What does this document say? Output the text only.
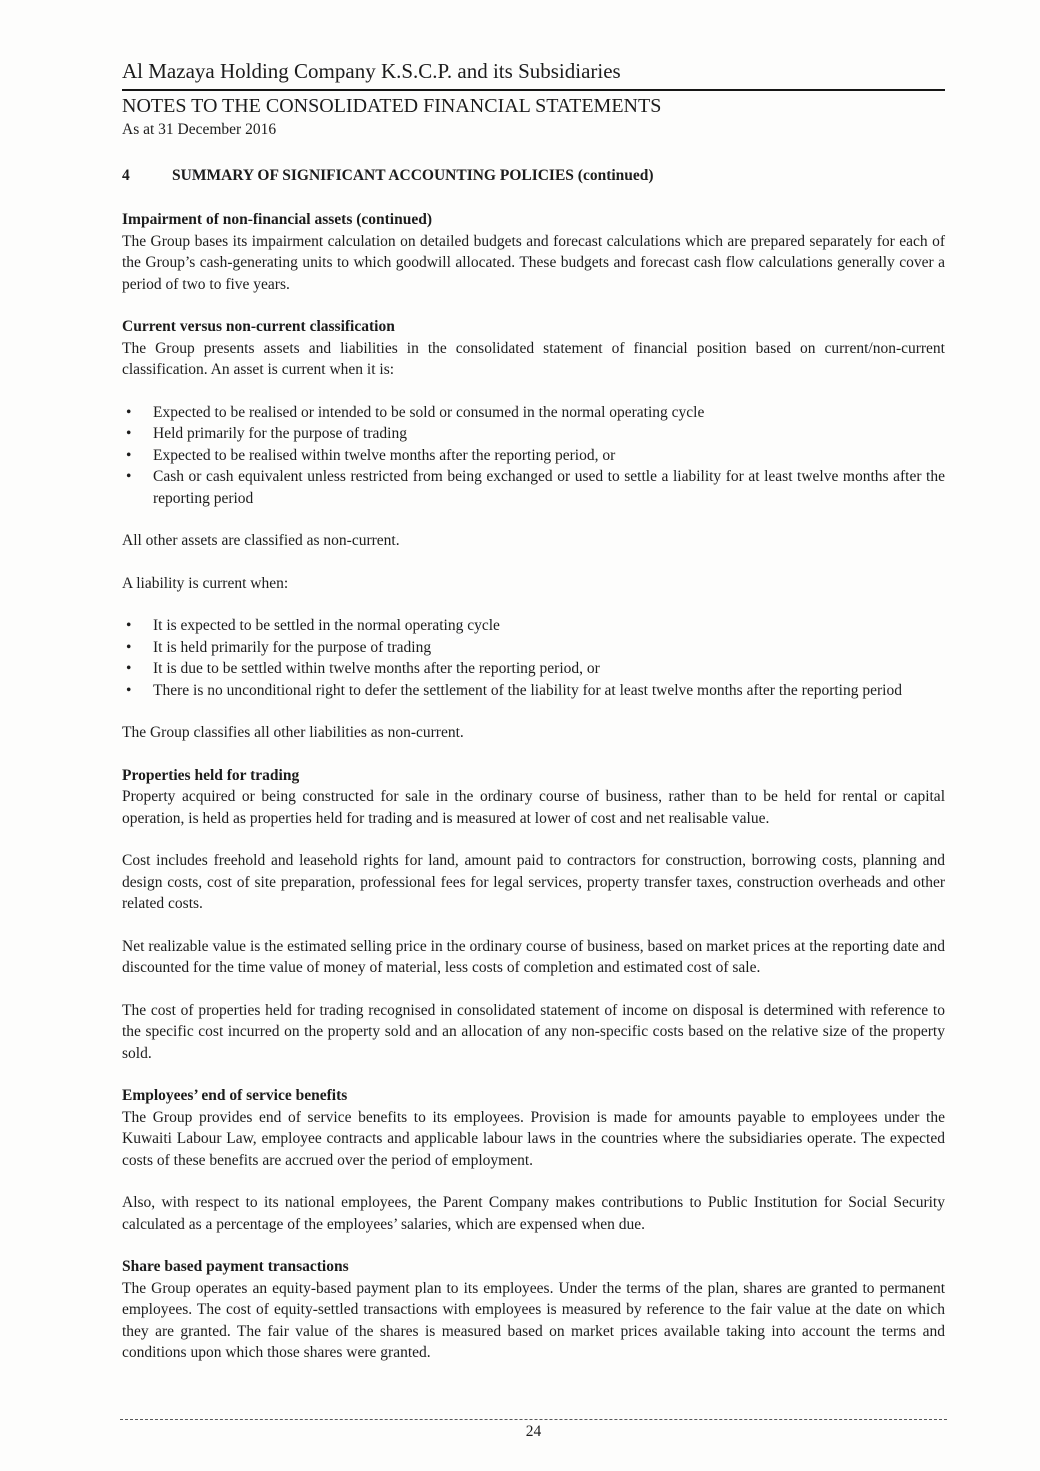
Al Mazaya Holding Company K.S.C.P. and its Subsidiaries
NOTES TO THE CONSOLIDATED FINANCIAL STATEMENTS
As at 31 December 2016
4	SUMMARY OF SIGNIFICANT ACCOUNTING POLICIES (continued)
Impairment of non-financial assets (continued)

The Group bases its impairment calculation on detailed budgets and forecast calculations which are prepared separately for each of the Group’s cash-generating units to which goodwill allocated. These budgets and forecast cash flow calculations generally cover a period of two to five years.

Current versus non-current classification

The Group presents assets and liabilities in the consolidated statement of financial position based on current/non-current classification. An asset is current when it is:

• Expected to be realised or intended to be sold or consumed in the normal operating cycle
• Held primarily for the purpose of trading
• Expected to be realised within twelve months after the reporting period, or
• Cash or cash equivalent unless restricted from being exchanged or used to settle a liability for at least twelve months after the reporting period

All other assets are classified as non-current.

A liability is current when:

• It is expected to be settled in the normal operating cycle
• It is held primarily for the purpose of trading
• It is due to be settled within twelve months after the reporting period, or
• There is no unconditional right to defer the settlement of the liability for at least twelve months after the reporting period

The Group classifies all other liabilities as non-current.

Properties held for trading

Property acquired or being constructed for sale in the ordinary course of business, rather than to be held for rental or capital operation, is held as properties held for trading and is measured at lower of cost and net realisable value.

Cost includes freehold and leasehold rights for land, amount paid to contractors for construction, borrowing costs, planning and design costs, cost of site preparation, professional fees for legal services, property transfer taxes, construction overheads and other related costs.

Net realizable value is the estimated selling price in the ordinary course of business, based on market prices at the reporting date and discounted for the time value of money of material, less costs of completion and estimated cost of sale.

The cost of properties held for trading recognised in consolidated statement of income on disposal is determined with reference to the specific cost incurred on the property sold and an allocation of any non-specific costs based on the relative size of the property sold.

Employees’ end of service benefits

The Group provides end of service benefits to its employees. Provision is made for amounts payable to employees under the Kuwaiti Labour Law, employee contracts and applicable labour laws in the countries where the subsidiaries operate. The expected costs of these benefits are accrued over the period of employment.

Also, with respect to its national employees, the Parent Company makes contributions to Public Institution for Social Security calculated as a percentage of the employees’ salaries, which are expensed when due.

Share based payment transactions

The Group operates an equity-based payment plan to its employees. Under the terms of the plan, shares are granted to permanent employees. The cost of equity-settled transactions with employees is measured by reference to the fair value at the date on which they are granted. The fair value of the shares is measured based on market prices available taking into account the terms and conditions upon which those shares were granted.

24
